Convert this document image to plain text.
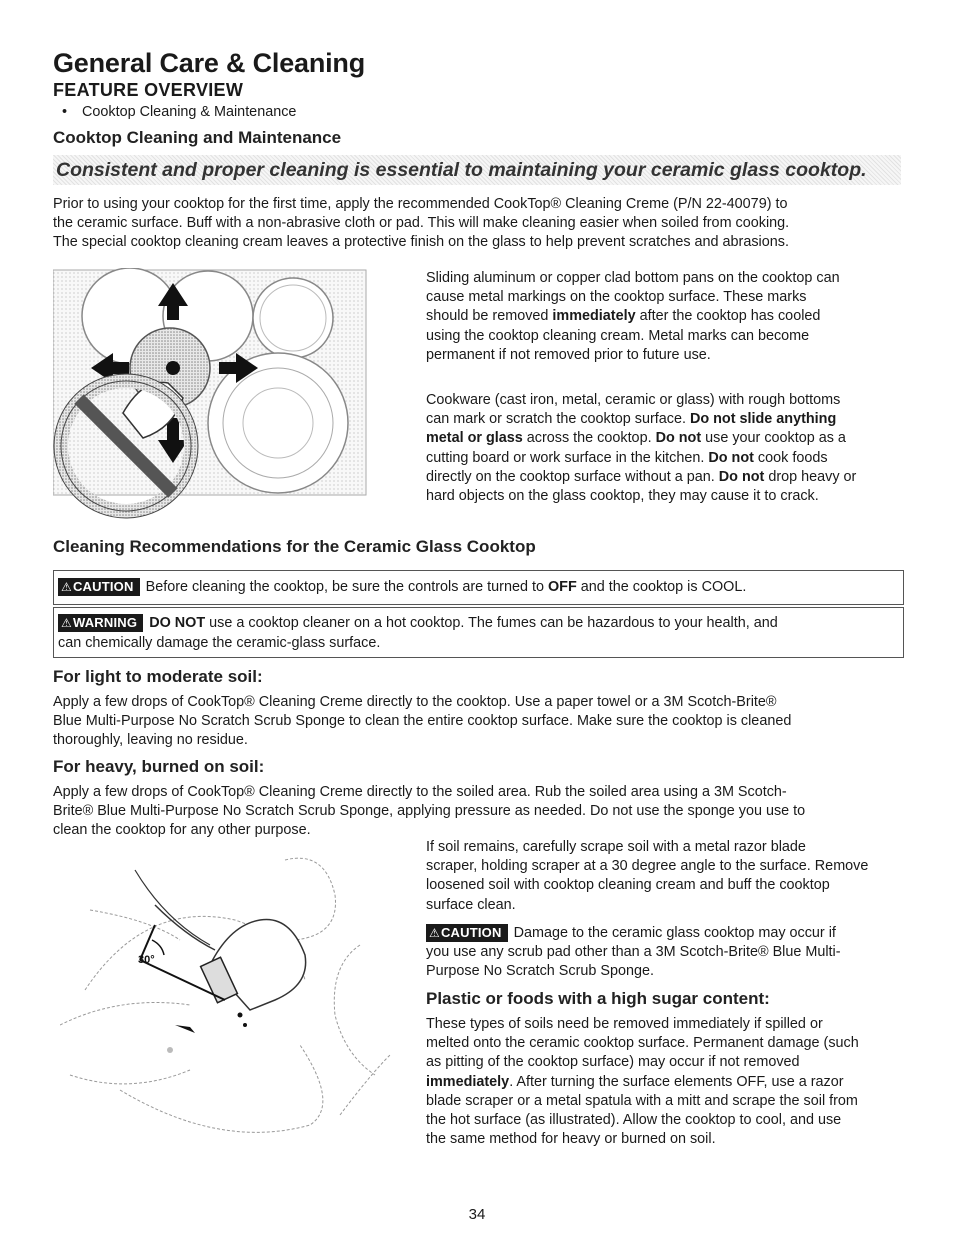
General Care & Cleaning
FEATURE OVERVIEW
• Cooktop Cleaning & Maintenance
Cooktop Cleaning and Maintenance
Consistent and proper cleaning is essential to maintaining your ceramic glass cooktop.

Prior to using your cooktop for the first time, apply the recommended CookTop® Cleaning Creme (P/N 22-40079) to

the ceramic surface. Buff with a non-abrasive cloth or pad. This will make cleaning easier when soiled from cooking.

The special cooktop cleaning cream leaves a protective finish on the glass to help prevent scratches and abrasions.

Sliding aluminum or copper clad bottom pans on the cooktop can

cause metal markings on the cooktop surface. These marks

should be removed immediately after the cooktop has cooled

using the cooktop cleaning cream. Metal marks can become

permanent if not removed prior to future use.

Cookware (cast iron, metal, ceramic or glass) with rough bottoms

can mark or scratch the cooktop surface. Do not slide anything

metal or glass across the cooktop. Do not use your cooktop as a

cutting board or work surface in the kitchen. Do not cook foods

directly on the cooktop surface without a pan. Do not drop heavy or

hard objects on the glass cooktop, they may cause it to crack.

Cleaning Recommendations for the Ceramic Glass Cooktop
⚠CAUTION Before cleaning the cooktop, be sure the controls are turned to OFF and the cooktop is COOL.
⚠WARNING DO NOT use a cooktop cleaner on a hot cooktop. The fumes can be hazardous to your health, and
can chemically damage the ceramic-glass surface.
For light to moderate soil:

Apply a few drops of CookTop® Cleaning Creme directly to the cooktop. Use a paper towel or a 3M Scotch-Brite®

Blue Multi-Purpose No Scratch Scrub Sponge to clean the entire cooktop surface. Make sure the cooktop is cleaned

thoroughly, leaving no residue.

For heavy, burned on soil:

Apply a few drops of CookTop® Cleaning Creme directly to the soiled area. Rub the soiled area using a 3M Scotch-

Brite® Blue Multi-Purpose No Scratch Scrub Sponge, applying pressure as needed. Do not use the sponge you use to

clean the cooktop for any other purpose.

30°

If soil remains, carefully scrape soil with a metal razor blade

scraper, holding scraper at a 30 degree angle to the surface. Remove

loosened soil with cooktop cleaning cream and buff the cooktop

surface clean.

⚠CAUTION Damage to the ceramic glass cooktop may occur if

you use any scrub pad other than a 3M Scotch-Brite® Blue Multi-

Purpose No Scratch Scrub Sponge.

Plastic or foods with a high sugar content:

These types of soils need be removed immediately if spilled or

melted onto the ceramic cooktop surface. Permanent damage (such

as pitting of the cooktop surface) may occur if not removed

immediately. After turning the surface elements OFF, use a razor

blade scraper or a metal spatula with a mitt and scrape the soil from

the hot surface (as illustrated). Allow the cooktop to cool, and use

the same method for heavy or burned on soil.

34
